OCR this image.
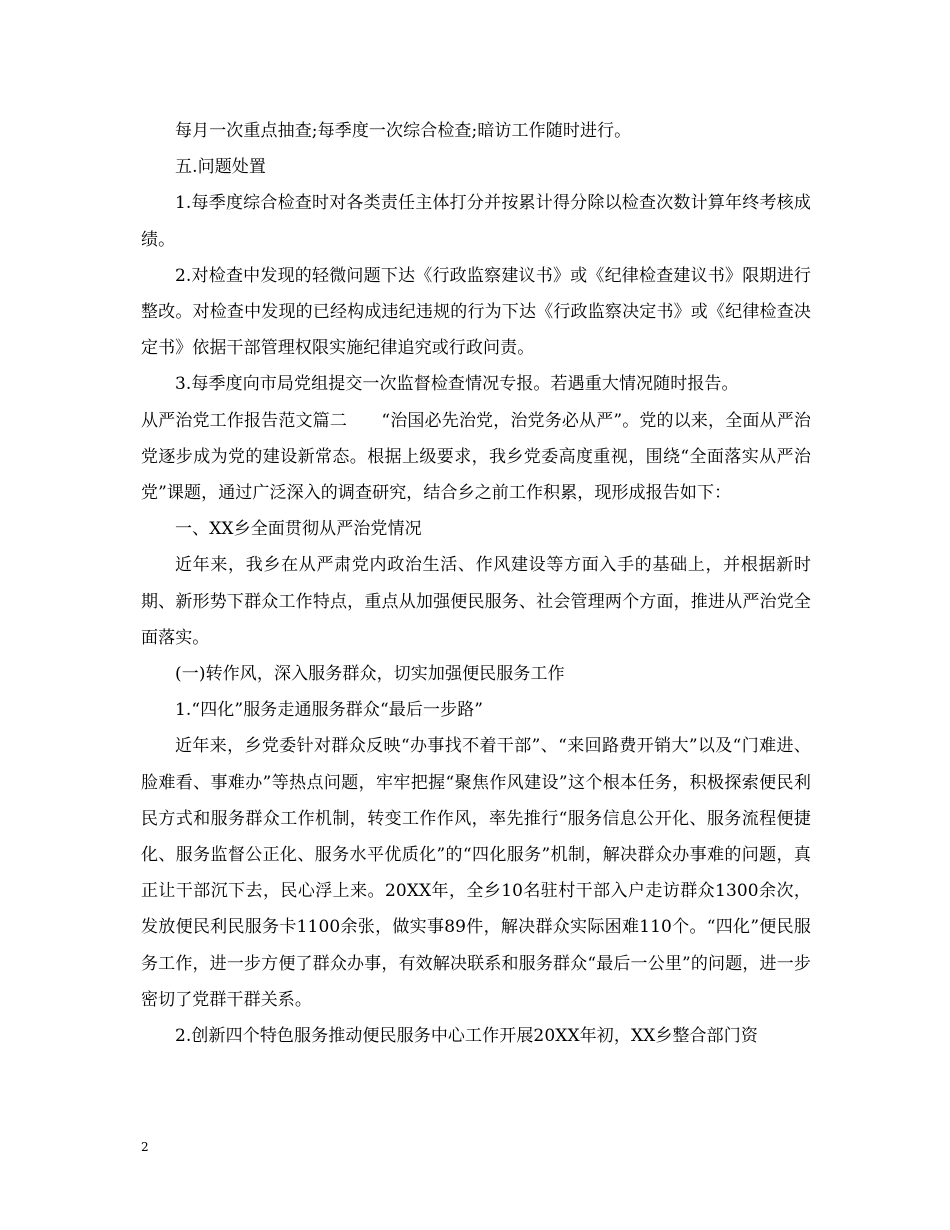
每月一次重点抽查;每季度一次综合检查;暗访工作随时进行。

五.问题处置

1.每季度综合检查时对各类责任主体打分并按累计得分除以检查次数计算年终考核成绩。

2.对检查中发现的轻微问题下达《行政监察建议书》或《纪律检查建议书》限期进行整改。对检查中发现的已经构成违纪违规的行为下达《行政监察决定书》或《纪律检查决定书》依据干部管理权限实施纪律追究或行政问责。

3.每季度向市局党组提交一次监督检查情况专报。若遇重大情况随时报告。

从严治党工作报告范文篇二　　“治国必先治党，治党务必从严”。党的以来，全面从严治党逐步成为党的建设新常态。根据上级要求，我乡党委高度重视，围绕“全面落实从严治党”课题，通过广泛深入的调查研究，结合乡之前工作积累，现形成报告如下：

一、XX乡全面贯彻从严治党情况

近年来，我乡在从严肃党内政治生活、作风建设等方面入手的基础上，并根据新时期、新形势下群众工作特点，重点从加强便民服务、社会管理两个方面，推进从严治党全面落实。

(一)转作风，深入服务群众，切实加强便民服务工作

1.“四化”服务走通服务群众“最后一步路”

近年来，乡党委针对群众反映“办事找不着干部”、“来回路费开销大”以及“门难进、脸难看、事难办”等热点问题，牢牢把握“聚焦作风建设”这个根本任务，积极探索便民利民方式和服务群众工作机制，转变工作作风，率先推行“服务信息公开化、服务流程便捷化、服务监督公正化、服务水平优质化”的“四化服务”机制，解决群众办事难的问题，真正让干部沉下去，民心浮上来。20XX年，全乡10名驻村干部入户走访群众1300余次，发放便民利民服务卡1100余张，做实事89件，解决群众实际困难110个。“四化”便民服务工作，进一步方便了群众办事，有效解决联系和服务群众“最后一公里”的问题，进一步密切了党群干群关系。

2.创新四个特色服务推动便民服务中心工作开展20XX年初，XX乡整合部门资

2
